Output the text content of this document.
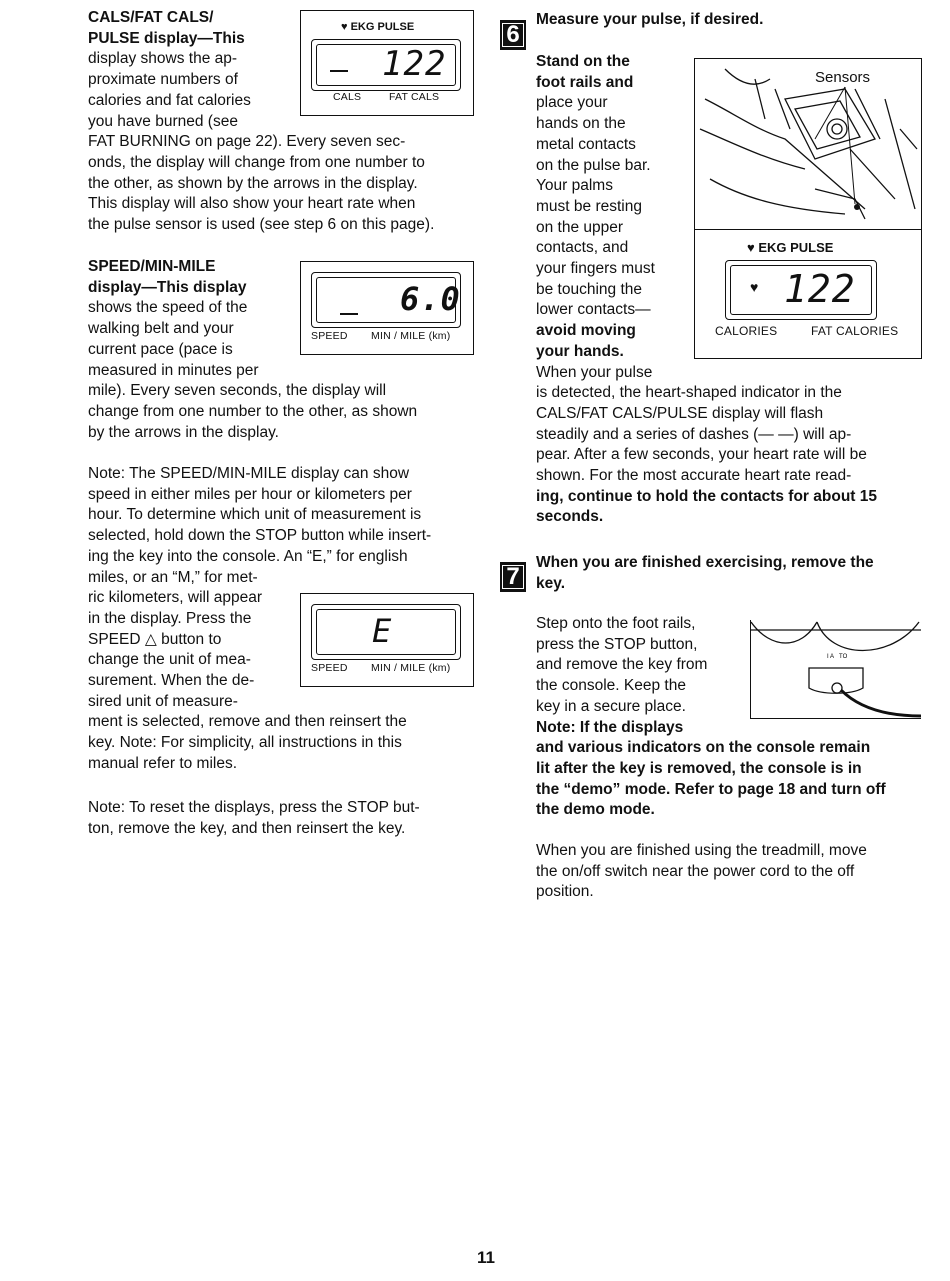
CALS/FAT CALS/

PULSE display—This

display shows the ap-

proximate numbers of

calories and fat calories

you have burned (see

FAT BURNING on page 22). Every seven sec-

onds, the display will change from one number to

the other, as shown by the arrows in the display.

This display will also show your heart rate when

the pulse sensor is used (see step 6 on this page).

♥ EKG PULSE
122
CALS	FAT CALS

SPEED/MIN-MILE

display—This display

shows the speed of the

walking belt and your

current pace (pace is

measured in minutes per

mile). Every seven seconds, the display will

change from one number to the other, as shown

by the arrows in the display.

6.0
SPEED MIN / MILE (km)

Note: The SPEED/MIN-MILE display can show

speed in either miles per hour or kilometers per

hour. To determine which unit of measurement is

selected, hold down the STOP button while insert-

ing the key into the console. An “E,” for english

miles, or an “M,” for met-

ric kilometers, will appear

in the display. Press the

SPEED △ button to

change the unit of mea-

surement. When the de-

sired unit of measure-

ment is selected, remove and then reinsert the

key. Note: For simplicity, all instructions in this

manual refer to miles.

E
SPEED MIN / MILE (km)

Note: To reset the displays, press the STOP but-

ton, remove the key, and then reinsert the key.

6

Measure your pulse, if desired.

Stand on the

foot rails and

place your

hands on the

metal contacts

on the pulse bar.

Your palms

must be resting

on the upper

contacts, and

your fingers must

be touching the

lower contacts—

avoid moving

your hands.

When your pulse

is detected, the heart-shaped indicator in the

CALS/FAT CALS/PULSE display will flash

steadily and a series of dashes (— —) will ap-

pear. After a few seconds, your heart rate will be

shown. For the most accurate heart rate read-

ing, continue to hold the contacts for about 15

seconds.

Sensors
♥ EKG PULSE
♥ 122
CALORIES	FAT CALORIES
7

When you are finished exercising, remove the

key.

Step onto the foot rails,

press the STOP button,

and remove the key from

the console. Keep the

key in a secure place.

Note: If the displays

and various indicators on the console remain

lit after the key is removed, the console is in

the “demo” mode. Refer to page 18 and turn off

the demo mode.

I A   TO

When you are finished using the treadmill, move

the on/off switch near the power cord to the off

position.

11
